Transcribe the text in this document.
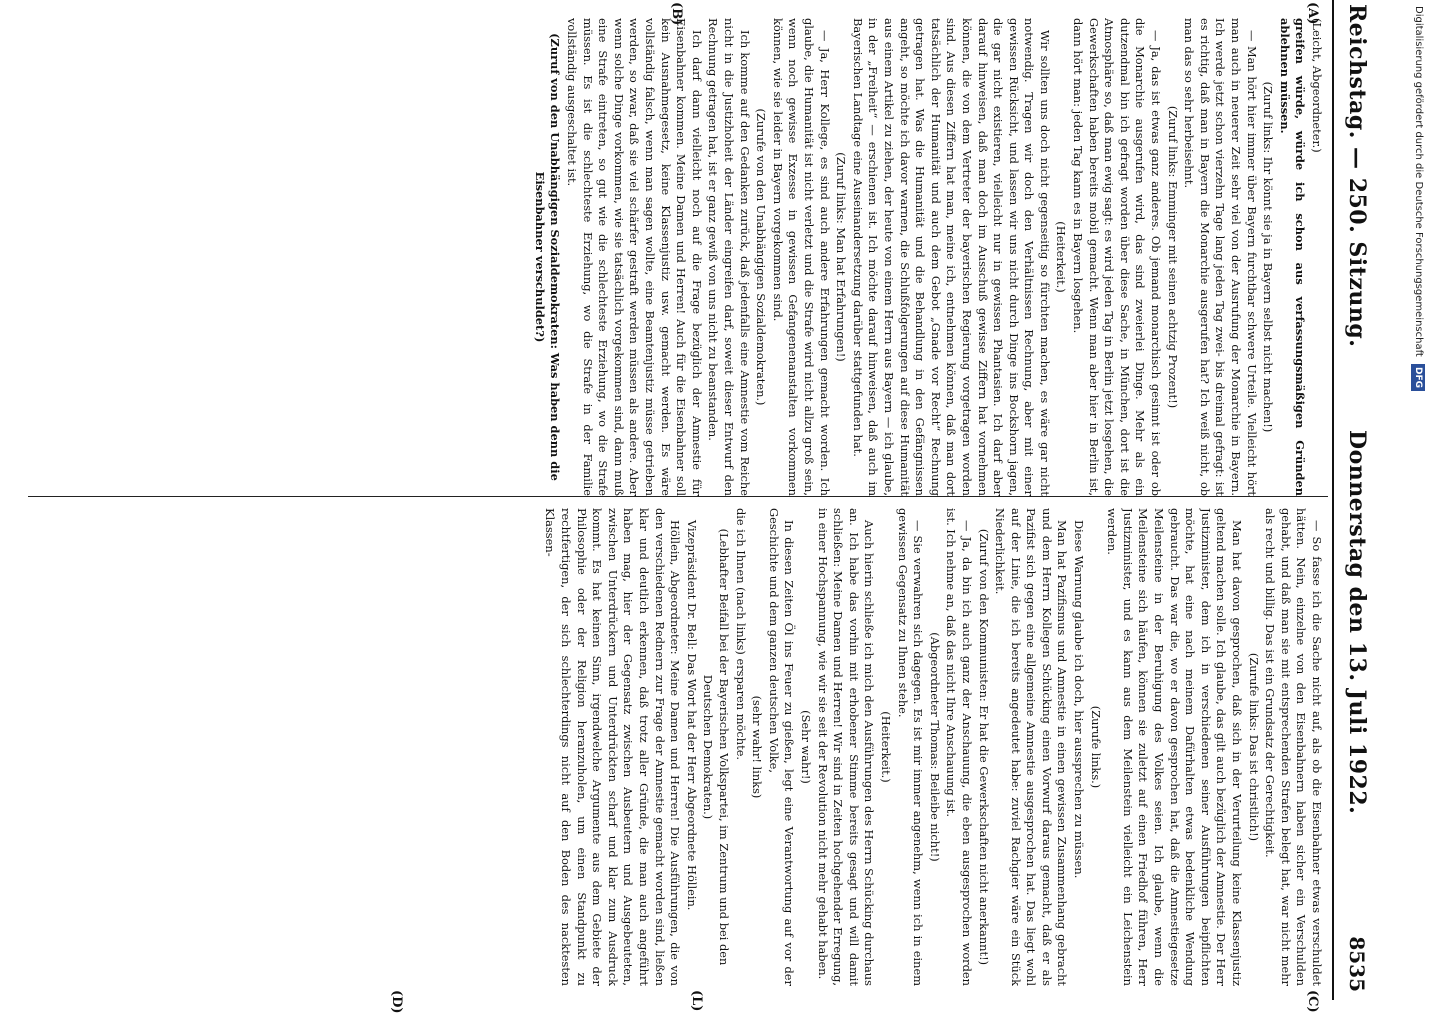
Reichstag. — 250. Sitzung.
Donnerstag den 13. Juli 1922.
8535
(A)
(B)
(C)
(D)	(L)

(Leicht, Abgeordneter.)

greifen würde, würde ich schon aus verfassungsmäßigen Gründen ablehnen müssen.

(Zuruf links: Ihr könnt sie ja in Bayern selbst nicht machen!)

— Man hört hier immer über Bayern furchtbar schwere Urteile. Vielleicht hört man auch in neuerer Zeit sehr viel von der Ausrufung der Monarchie in Bayern. Ich werde jetzt schon vierzehn Tage lang jeden Tag zwei- bis dreimal gefragt: ist es richtig, daß man in Bayern die Monarchie ausgerufen hat? Ich weiß nicht, ob man das so sehr herbeisehnt.

(Zuruf links: Emminger mit seinen achtzig Prozent!)

— Ja, das ist etwas ganz anderes. Ob jemand monarchisch gesinnt ist oder ob die Monarchie ausgerufen wird, das sind zweierlei Dinge. Mehr als ein dutzendmal bin ich gefragt worden über diese Sache, in München, dort ist die Atmosphäre so, daß man ewig sagt: es wird jeden Tag in Berlin jetzt losgehen, die Gewerkschaften haben bereits mobil gemacht. Wenn man aber hier in Berlin ist, dann hört man: jeden Tag kann es in Bayern losgehen.

(Heiterkeit.)

Wir sollten uns doch nicht gegenseitig so fürchten machen, es wäre gar nicht notwendig. Tragen wir doch den Verhältnissen Rechnung, aber mit einer gewissen Rücksicht, und lassen wir uns nicht durch Dinge ins Bockshorn jagen, die gar nicht existieren, vielleicht nur in gewissen Phantasien. Ich darf aber darauf hinweisen, daß man doch im Ausschuß gewisse Ziffern hat vornehmen können, die von dem Vertreter der bayerischen Regierung vorgetragen worden sind. Aus diesen Ziffern hat man, meine ich, entnehmen können, daß man dort tatsächlich der Humanität und auch dem Gebot „Gnade vor Recht“ Rechnung getragen hat. Was die Humanität und die Behandlung in den Gefängnissen angeht, so möchte ich davor warnen, die Schlußfolgerungen auf diese Humanität aus einem Artikel zu ziehen, der heute von einem Herrn aus Bayern — ich glaube, in der „Freiheit“ — erschienen ist. Ich möchte darauf hinweisen, daß auch im Bayerischen Landtage eine Auseinandersetzung darüber stattgefunden hat.

(Zuruf links: Man hat Erfahrungen!)

— Ja, Herr Kollege, es sind auch andere Erfahrungen gemacht worden. Ich glaube, die Humanität ist nicht verletzt und die Strafe wird nicht allzu groß sein, wenn noch gewisse Exzesse in gewissen Gefangenenanstalten vorkommen können, wie sie leider in Bayern vorgekommen sind.

(Zurufe von den Unabhängigen Sozialdemokraten.)

Ich komme auf den Gedanken zurück, daß jedenfalls eine Amnestie vom Reiche nicht in die Justizhoheit der Länder eingreifen darf, soweit dieser Entwurf den Rechnung getragen hat, ist er ganz gewiß von uns nicht zu beanstanden.

Ich darf dann vielleicht noch auf die Frage bezüglich der Amnestie für Eisenbahner kommen. Meine Damen und Herren! Auch für die Eisenbahner soll kein Ausnahmegesetz, keine Klassenjustiz usw. gemacht werden. Es wäre vollständig falsch, wenn man sagen wollte, eine Beamtenjustiz müsse getrieben werden, so zwar, daß sie viel schärfer gestraft werden müssen als andere. Aber wenn solche Dinge vorkommen, wie sie tatsächlich vorgekommen sind, dann muß eine Strafe eintreten, so gut wie die schlechteste Erziehung, wo die Strafe müssen. Es ist die schlechteste Erziehung, wo die Strafe in der Familie vollständig ausgeschaltet ist.

(Zuruf von den Unabhängigen Sozialdemokraten: Was haben denn die Eisenbahner verschuldet?)

— So fasse ich die Sache nicht auf, als ob die Eisenbahner etwas verschuldet hätten. Nein, einzelne von den Eisenbahnern haben sicher ein Verschulden gehabt, und daß man sie mit entsprechenden Strafen belegt hat, war nicht mehr als recht und billig. Das ist ein Grundsatz der Gerechtigkeit.

(Zurufe links: Das ist christlich!)

Man hat davon gesprochen, daß sich in der Verurteilung keine Klassenjustiz geltend machen solle. Ich glaube, das gilt auch bezüglich der Amnestie. Der Herr Justizminister, dem ich in verschiedenen seiner Ausführungen beipflichten möchte, hat eine nach meinem Dafürhalten etwas bedenkliche Wendung gebraucht. Das war die, wo er davon gesprochen hat, daß die Amnestiegesetze Meilensteine in der Beruhigung des Volkes seien. Ich glaube, wenn die Meilensteine sich häufen, können sie zuletzt auf einen Friedhof führen, Herr Justizminister, und es kann aus dem Meilenstein vielleicht ein Leichenstein werden.

(Zurufe links.)

Diese Warnung glaube ich doch, hier aussprechen zu müssen.

Man hat Pazifismus und Amnestie in einen gewissen Zusammenhang gebracht und dem Herrn Kollegen Schücking einen Vorwurf daraus gemacht, daß er als Pazifist sich gegen eine allgemeine Amnestie ausgesprochen hat. Das liegt wohl auf der Linie, die ich bereits angedeutet habe: zuviel Rachgier wäre ein Stück Niederlichkeit.

(Zuruf von den Kommunisten: Er hat die Gewerkschaften nicht anerkannt!)

— Ja, da bin ich auch ganz der Anschauung, die eben ausgesprochen worden ist. Ich nehme an, daß das nicht Ihre Anschauung ist.

(Abgeordneter Thomas: Beileibe nicht!)

— Sie verwahren sich dagegen. Es ist mir immer angenehm, wenn ich in einem gewissen Gegensatz zu Ihnen stehe.

(Heiterkeit.)

Auch hierin schließe ich mich den Ausführungen des Herrn Schücking durchaus an. Ich habe das vorhin mit erhobener Stimme bereits gesagt und will damit schließen: Meine Damen und Herren! Wir sind in Zeiten hochgehender Erregung, in einer Hochspannung, wie wir sie seit der Revolution nicht mehr gehabt haben.

(Sehr wahr!)

In diesen Zeiten Öl ins Feuer zu gießen, legt eine Verantwortung auf vor der Geschichte und dem ganzen deutschen Volke,

(sehr wahr! links)

die ich Ihnen (nach links) ersparen möchte.

(Lebhafter Beifall bei der Bayerischen Volkspartei, im Zentrum und bei den Deutschen Demokraten.)

Vizepräsident Dr. Bell: Das Wort hat der Herr Abgeordnete Höllein.

Höllein, Abgeordneter: Meine Damen und Herren! Die Ausführungen, die von den verschiedenen Rednern zur Frage der Amnestie gemacht worden sind, ließen klar und deutlich erkennen, daß trotz aller Gründe, die man auch angeführt haben mag, hier der Gegensatz zwischen Ausbeutern und Ausgebeuteten, zwischen Unterdrückern und Unterdrückten scharf und klar zum Ausdruck kommt. Es hat keinen Sinn, irgendwelche Argumente aus dem Gebiete der Philosophie oder der Religion heranzuholen, um einen Standpunkt zu rechtfertigen, der sich schlechterdings nicht auf den Boden des nacktesten Klassen-

Digitalisierung gefördert durch die Deutsche Forschungsgemeinschaft DFG
